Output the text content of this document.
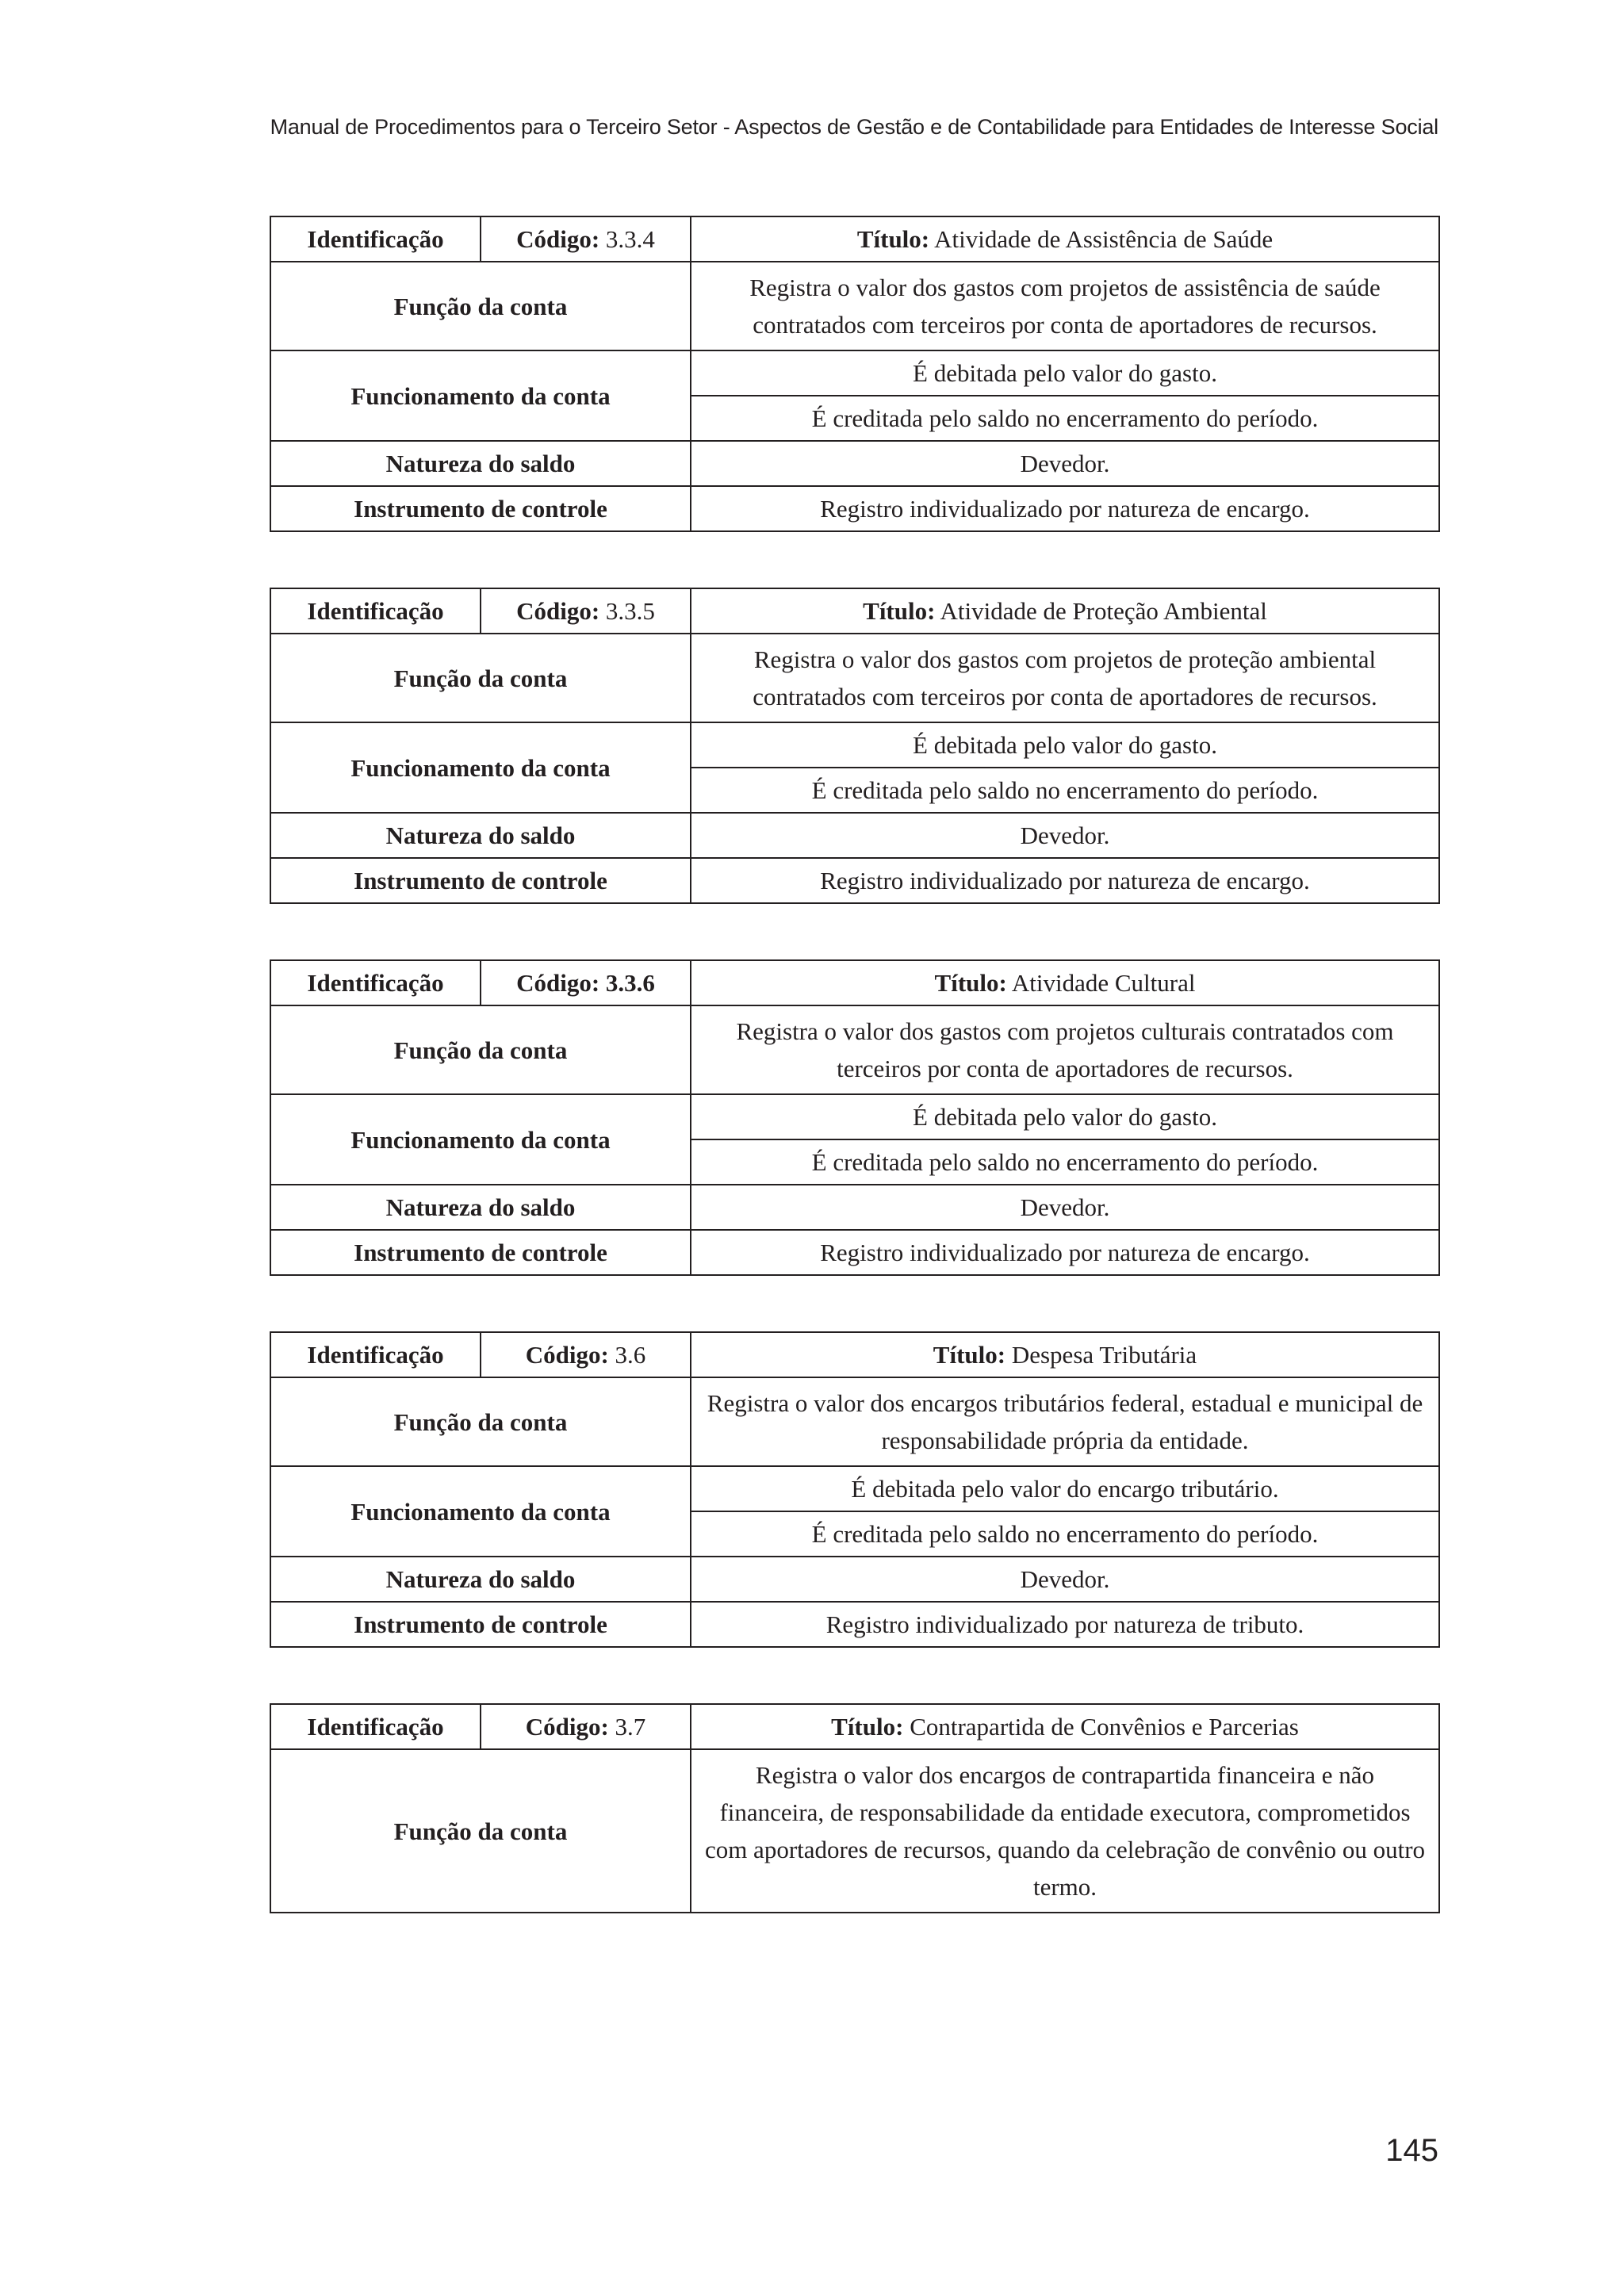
Manual de Procedimentos para o Terceiro Setor - Aspectos de Gestão e de Contabilidade para Entidades de Interesse Social
Identificação	Código: 3.3.4	Título: Atividade de Assistência de Saúde
Função da conta		Registra o valor dos gastos com projetos de assistência de saúde contratados com terceiros por conta de aportadores de recursos.
Funcionamento da conta		É debitada pelo valor do gasto.
		É creditada pelo saldo no encerramento do período.
Natureza do saldo		Devedor.
Instrumento de controle		Registro individualizado por natureza de encargo.
Identificação	Código: 3.3.5	Título: Atividade de Proteção Ambiental
Função da conta		Registra o valor dos gastos com projetos de proteção ambiental contratados com terceiros por conta de aportadores de recursos.
Funcionamento da conta		É debitada pelo valor do gasto.
		É creditada pelo saldo no encerramento do período.
Natureza do saldo		Devedor.
Instrumento de controle		Registro individualizado por natureza de encargo.
Identificação	Código: 3.3.6	Título: Atividade Cultural
Função da conta		Registra o valor dos gastos com projetos culturais contratados com terceiros por conta de aportadores de recursos.
Funcionamento da conta		É debitada pelo valor do gasto.
		É creditada pelo saldo no encerramento do período.
Natureza do saldo		Devedor.
Instrumento de controle		Registro individualizado por natureza de encargo.
Identificação	Código: 3.6	Título: Despesa Tributária
Função da conta		Registra o valor dos encargos tributários federal, estadual e municipal de responsabilidade própria da entidade.
Funcionamento da conta		É debitada pelo valor do encargo tributário.
		É creditada pelo saldo no encerramento do período.
Natureza do saldo		Devedor.
Instrumento de controle		Registro individualizado por natureza de tributo.
Identificação	Código: 3.7	Título: Contrapartida de Convênios e Parcerias
Função da conta		Registra o valor dos encargos de contrapartida financeira e não financeira, de responsabilidade da entidade executora, comprometidos com aportadores de recursos, quando da celebração de convênio ou outro termo.
145
